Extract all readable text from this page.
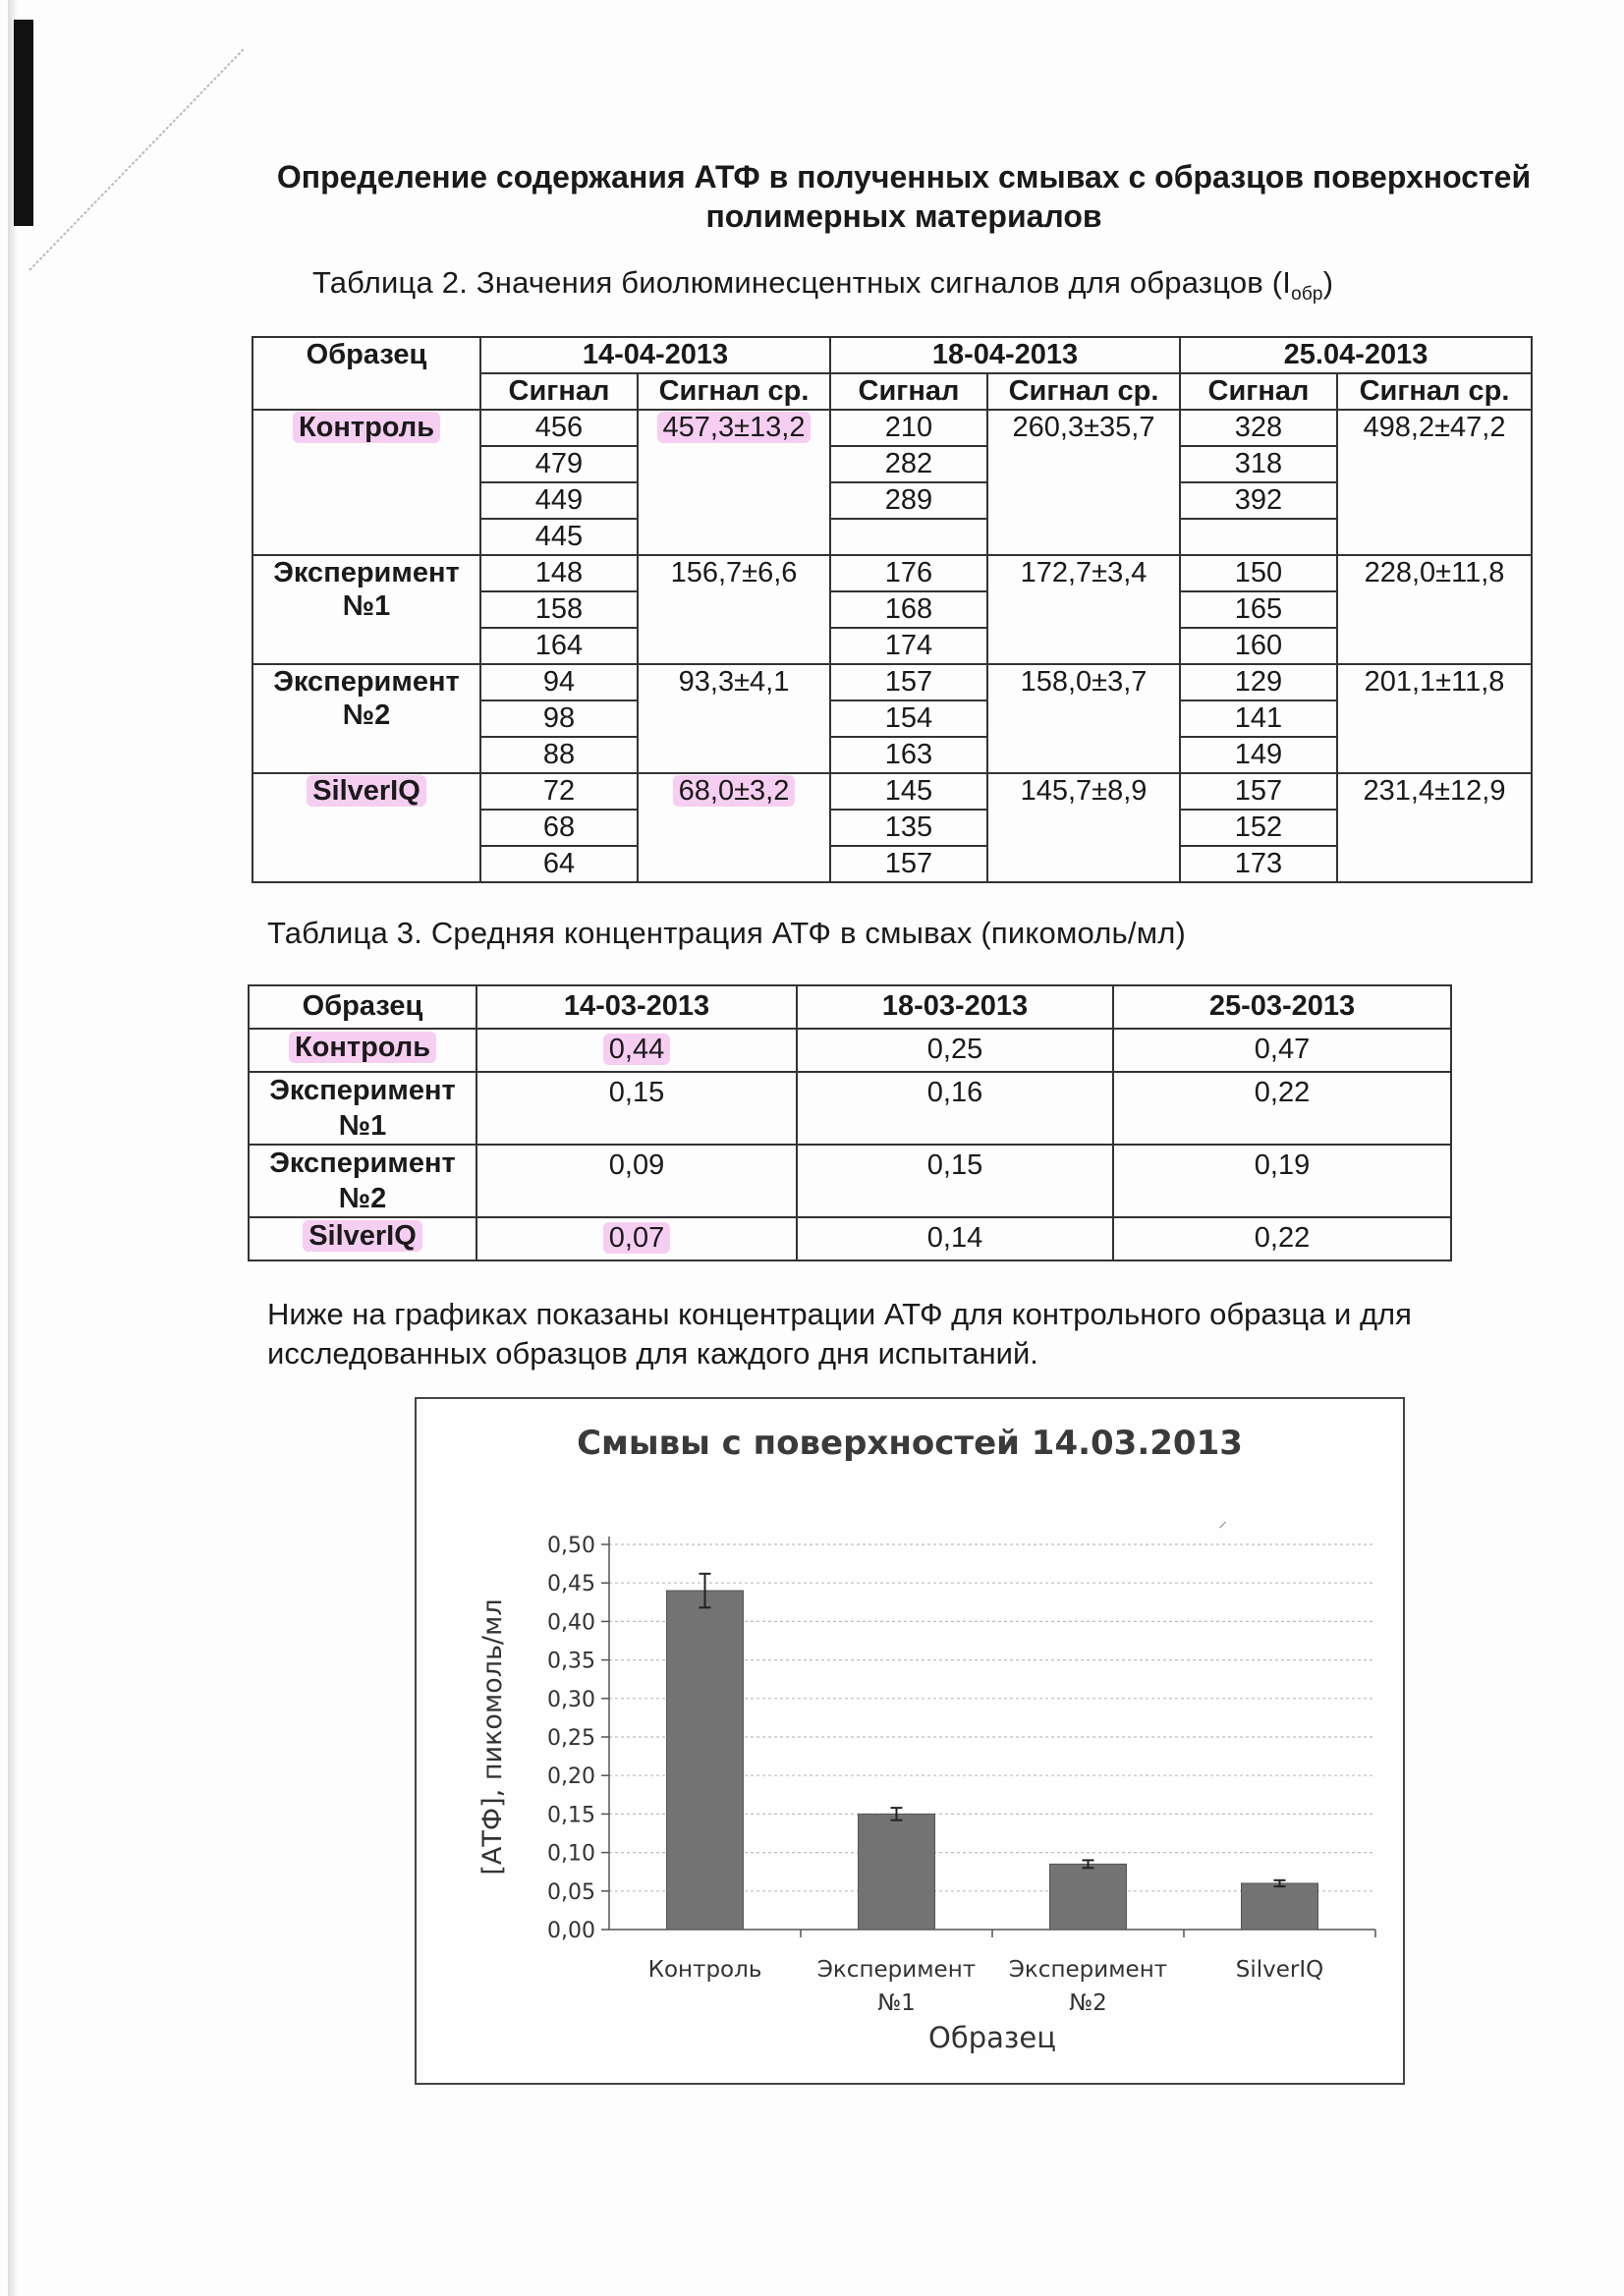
Определение содержания АТФ в полученных смывах с образцов поверхностей
полимерных материалов
Таблица 2. Значения биолюминесцентных сигналов для образцов $(I_{обр})$
Образец	14-04-2013		18-04-2013		25.04-2013	
	Сигнал	Сигнал ср.	Сигнал	Сигнал ср.	Сигнал	Сигнал ср.
Контроль	456	457,3±13,2	210	260,3±35,7	328	498,2±47,2
	479		282		318	
	449		289		392	
	445					
Эксперимент №1	148	156,7±6,6	176	172,7±3,4	150	228,0±11,8
	158		168		165	
	164		174		160	
Эксперимент №2	94	93,3±4,1	157	158,0±3,7	129	201,1±11,8
	98		154		141	
	88		163		149	
SilverIQ	72	68,0±3,2	145	145,7±8,9	157	231,4±12,9
	68		135		152	
	64		157		173	
Таблица 3. Средняя концентрация АТФ в смывах (пикомоль/мл)
Образец	14-03-2013	18-03-2013	25-03-2013
Контроль	0,44	0,25	0,47
Эксперимент №1	0,15	0,16	0,22
Эксперимент №2	0,09	0,15	0,19
SilverIQ	0,07	0,14	0,22
Ниже на графиках показаны концентрации АТФ для контрольного образца и для
исследованных образцов для каждого дня испытаний.
Смывы с поверхностей 14.03.2013
0,00
0,05
0,10
0,15
0,20
0,25
0,30
0,35
0,40
0,45
0,50
[АТФ], пикомоль/мл
Контроль Эксперимент
№1
Эксперимент
№2
SilverIQ
Образец
⸝
